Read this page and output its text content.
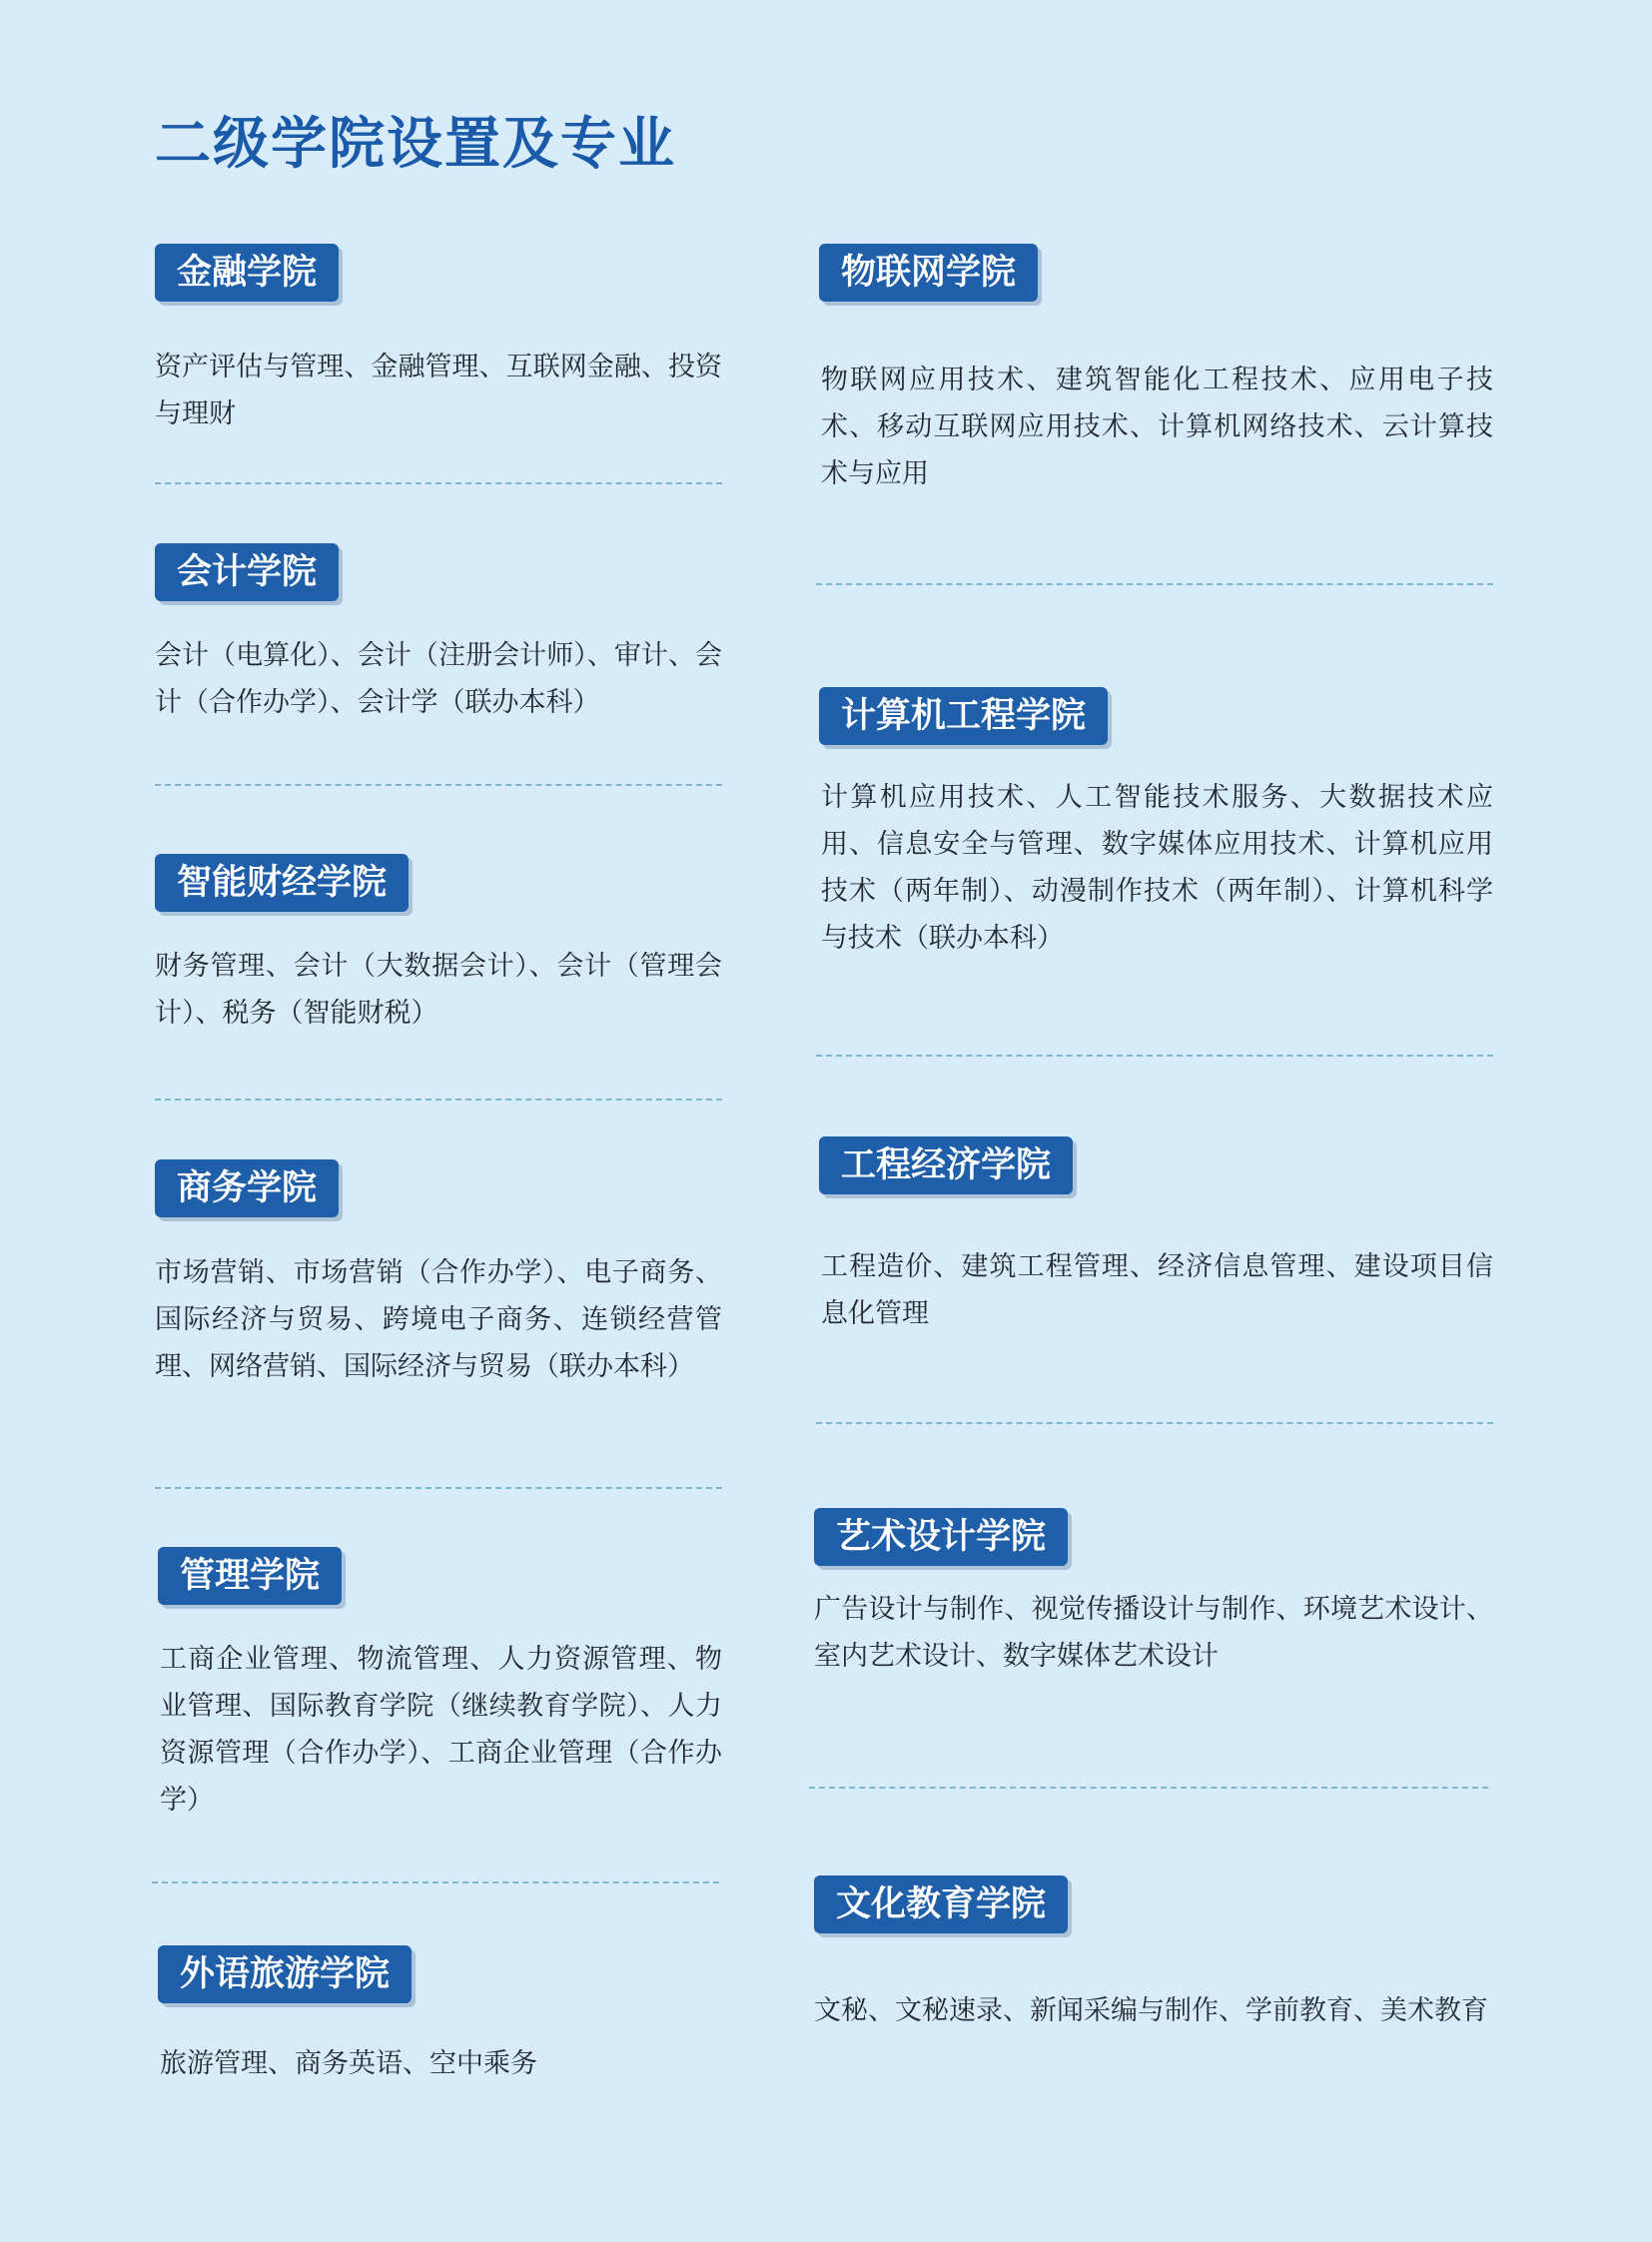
二级学院设置及专业
金融学院

资产评估与管理、金融管理、互联网金融、投资与理财

会计学院

会计（电算化）、会计（注册会计师）、审计、会计（合作办学）、会计学（联办本科）

智能财经学院

财务管理、会计（大数据会计）、会计（管理会计）、税务（智能财税）

商务学院

市场营销、市场营销（合作办学）、电子商务、国际经济与贸易、跨境电子商务、连锁经营管理、网络营销、国际经济与贸易（联办本科）

管理学院

工商企业管理、物流管理、人力资源管理、物业管理、国际教育学院（继续教育学院）、人力资源管理（合作办学）、工商企业管理（合作办学）

外语旅游学院

旅游管理、商务英语、空中乘务

物联网学院

物联网应用技术、建筑智能化工程技术、应用电子技术、移动互联网应用技术、计算机网络技术、云计算技术与应用

计算机工程学院

计算机应用技术、人工智能技术服务、大数据技术应用、信息安全与管理、数字媒体应用技术、计算机应用技术（两年制）、动漫制作技术（两年制）、计算机科学与技术（联办本科）

工程经济学院

工程造价、建筑工程管理、经济信息管理、建设项目信息化管理

艺术设计学院

广告设计与制作、视觉传播设计与制作、环境艺术设计、室内艺术设计、数字媒体艺术设计

文化教育学院

文秘、文秘速录、新闻采编与制作、学前教育、美术教育
